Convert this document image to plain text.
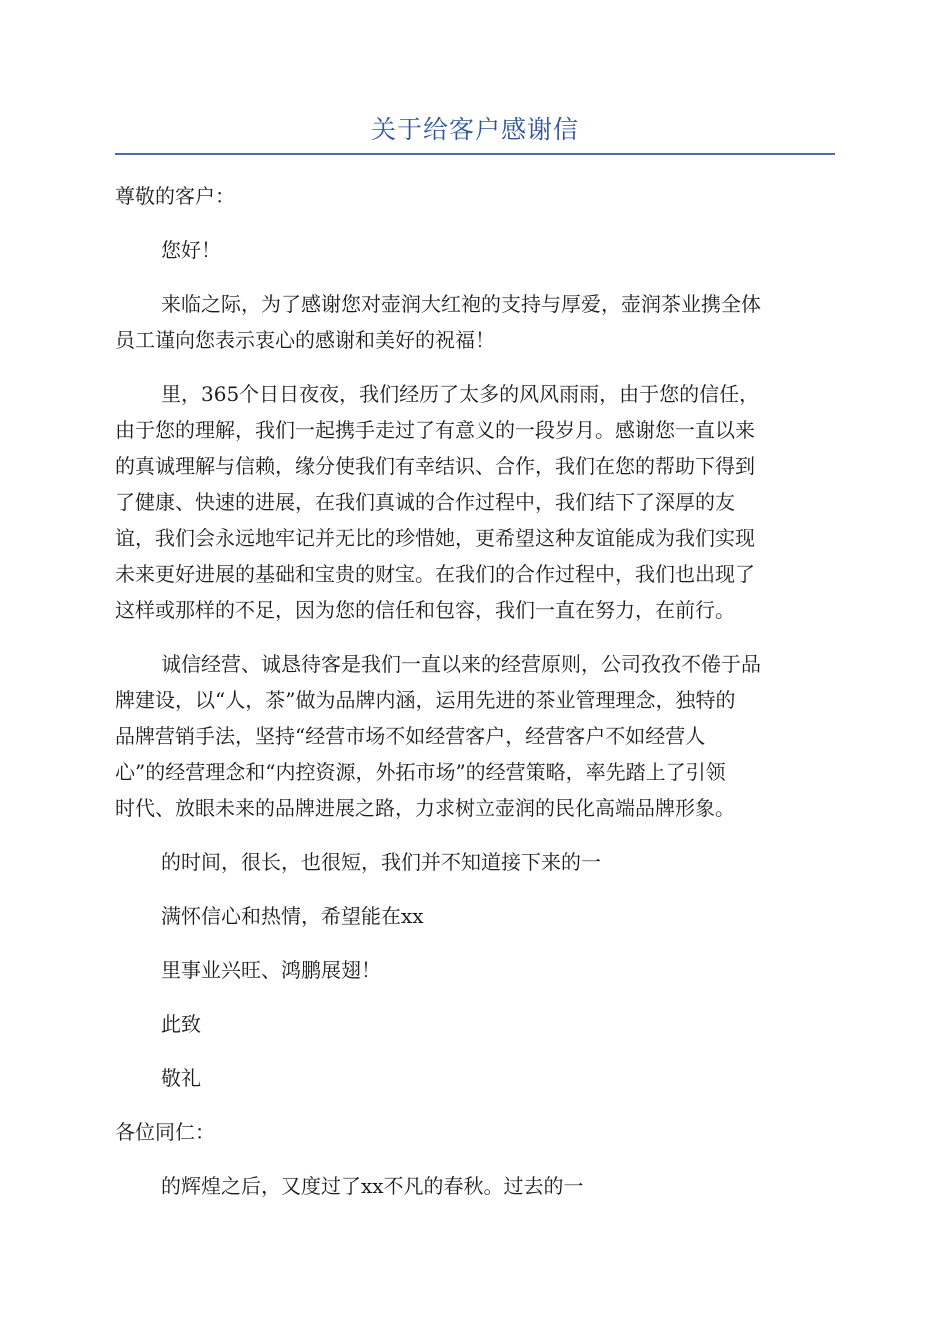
关于给客户感谢信

尊敬的客户：

您好！

来临之际，为了感谢您对壶润大红袍的支持与厚爱，壶润茶业携全体
员工谨向您表示衷心的感谢和美好的祝福！

里，365个日日夜夜，我们经历了太多的风风雨雨，由于您的信任，
由于您的理解，我们一起携手走过了有意义的一段岁月。感谢您一直以来
的真诚理解与信赖，缘分使我们有幸结识、合作，我们在您的帮助下得到
了健康、快速的进展，在我们真诚的合作过程中，我们结下了深厚的友
谊，我们会永远地牢记并无比的珍惜她，更希望这种友谊能成为我们实现
未来更好进展的基础和宝贵的财宝。在我们的合作过程中，我们也出现了
这样或那样的不足，因为您的信任和包容，我们一直在努力，在前行。

诚信经营、诚恳待客是我们一直以来的经营原则，公司孜孜不倦于品
牌建设，以“人，茶”做为品牌内涵，运用先进的茶业管理理念，独特的
品牌营销手法，坚持“经营市场不如经营客户，经营客户不如经营人
心”的经营理念和“内控资源，外拓市场”的经营策略，率先踏上了引领
时代、放眼未来的品牌进展之路，力求树立壶润的民化高端品牌形象。

的时间，很长，也很短，我们并不知道接下来的一

满怀信心和热情，希望能在xx

里事业兴旺、鸿鹏展翅！

此致

敬礼

各位同仁：

的辉煌之后，又度过了xx不凡的春秋。过去的一
